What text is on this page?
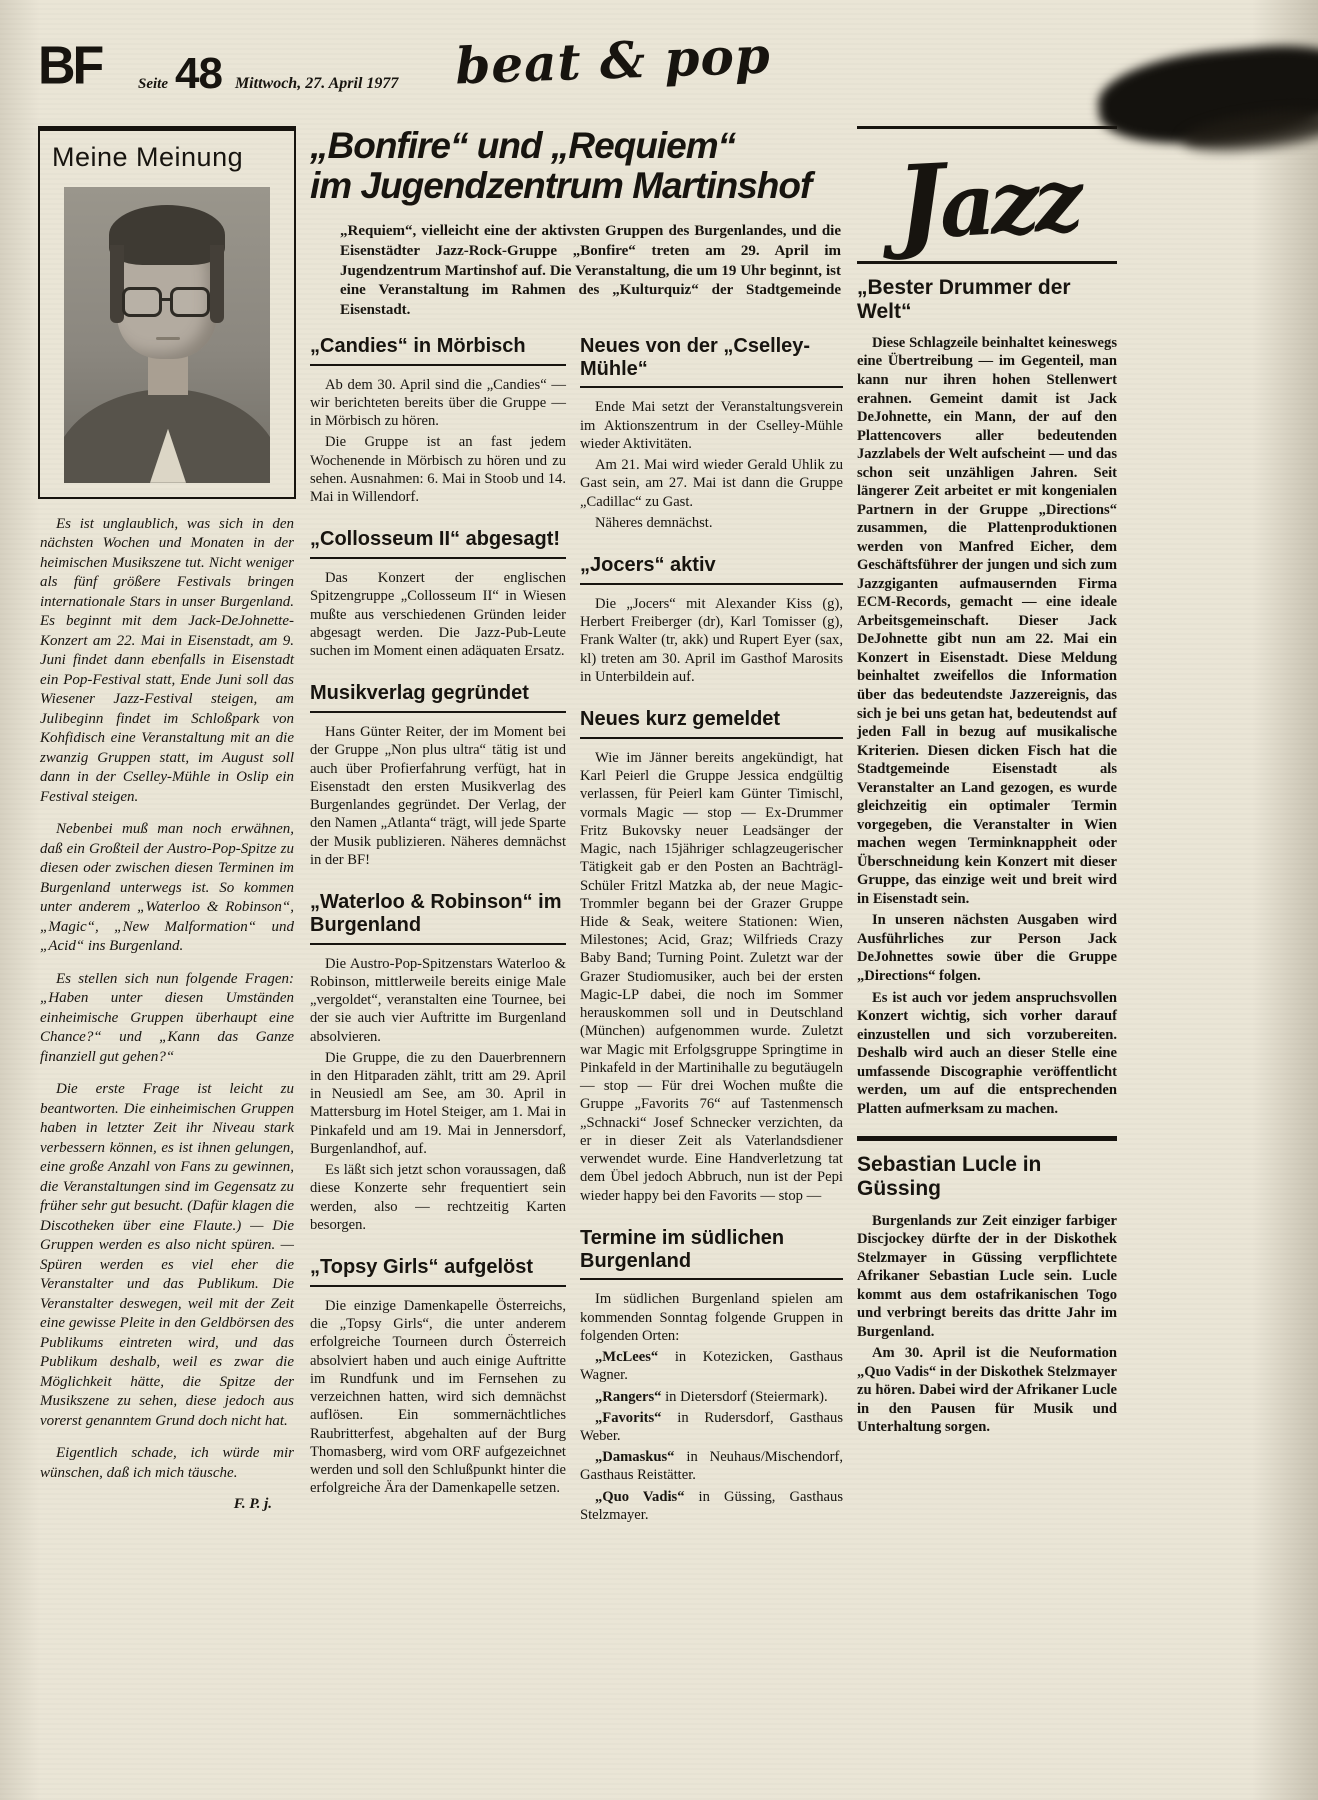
BF Seite 48 Mittwoch, 27. April 1977 beat & pop
Meine Meinung

Es ist unglaublich, was sich in den nächsten Wochen und Monaten in der heimischen Musikszene tut. Nicht weniger als fünf größere Festivals bringen internationale Stars in unser Burgenland. Es beginnt mit dem Jack-DeJohnette-Konzert am 22. Mai in Eisenstadt, am 9. Juni findet dann ebenfalls in Eisenstadt ein Pop-Festival statt, Ende Juni soll das Wiesener Jazz-Festival steigen, am Julibeginn findet im Schloßpark von Kohfidisch eine Veranstaltung mit an die zwanzig Gruppen statt, im August soll dann in der Cselley-Mühle in Oslip ein Festival steigen.

Nebenbei muß man noch erwähnen, daß ein Großteil der Austro-Pop-Spitze zu diesen oder zwischen diesen Terminen im Burgenland unterwegs ist. So kommen unter anderem „Waterloo & Robinson“, „Magic“, „New Malformation“ und „Acid“ ins Burgenland.

Es stellen sich nun folgende Fragen: „Haben unter diesen Umständen einheimische Gruppen überhaupt eine Chance?“ und „Kann das Ganze finanziell gut gehen?“

Die erste Frage ist leicht zu beantworten. Die einheimischen Gruppen haben in letzter Zeit ihr Niveau stark verbessern können, es ist ihnen gelungen, eine große Anzahl von Fans zu gewinnen, die Veranstaltungen sind im Gegensatz zu früher sehr gut besucht. (Dafür klagen die Discotheken über eine Flaute.) — Die Gruppen werden es also nicht spüren. — Spüren werden es viel eher die Veranstalter und das Publikum. Die Veranstalter deswegen, weil mit der Zeit eine gewisse Pleite in den Geldbörsen des Publikums eintreten wird, und das Publikum deshalb, weil es zwar die Möglichkeit hätte, die Spitze der Musikszene zu sehen, diese jedoch aus vorerst genanntem Grund doch nicht hat.

Eigentlich schade, ich würde mir wünschen, daß ich mich täusche.

F. P. j.

„Bonfire“ und „Requiem“
im Jugendzentrum Martinshof

„Requiem“, vielleicht eine der aktivsten Gruppen des Burgenlandes, und die Eisenstädter Jazz-Rock-Gruppe „Bonfire“ treten am 29. April im Jugendzentrum Martinshof auf. Die Veranstaltung, die um 19 Uhr beginnt, ist eine Veranstaltung im Rahmen des „Kulturquiz“ der Stadtgemeinde Eisenstadt.

„Candies“ in Mörbisch

Ab dem 30. April sind die „Candies“ — wir berichteten bereits über die Gruppe — in Mörbisch zu hören.

Die Gruppe ist an fast jedem Wochenende in Mörbisch zu hören und zu sehen. Ausnahmen: 6. Mai in Stoob und 14. Mai in Willendorf.

„Collosseum II“ abgesagt!

Das Konzert der englischen Spitzengruppe „Collosseum II“ in Wiesen mußte aus verschiedenen Gründen leider abgesagt werden. Die Jazz-Pub-Leute suchen im Moment einen adäquaten Ersatz.

Musikverlag gegründet

Hans Günter Reiter, der im Moment bei der Gruppe „Non plus ultra“ tätig ist und auch über Profierfahrung verfügt, hat in Eisenstadt den ersten Musikverlag des Burgenlandes gegründet. Der Verlag, der den Namen „Atlanta“ trägt, will jede Sparte der Musik publizieren. Näheres demnächst in der BF!

„Waterloo & Robinson“ im Burgenland

Die Austro-Pop-Spitzenstars Waterloo & Robinson, mittlerweile bereits einige Male „vergoldet“, veranstalten eine Tournee, bei der sie auch vier Auftritte im Burgenland absolvieren.

Die Gruppe, die zu den Dauerbrennern in den Hitparaden zählt, tritt am 29. April in Neusiedl am See, am 30. April in Mattersburg im Hotel Steiger, am 1. Mai in Pinkafeld und am 19. Mai in Jennersdorf, Burgenlandhof, auf.

Es läßt sich jetzt schon voraussagen, daß diese Konzerte sehr frequentiert sein werden, also — rechtzeitig Karten besorgen.

„Topsy Girls“ aufgelöst

Die einzige Damenkapelle Österreichs, die „Topsy Girls“, die unter anderem erfolgreiche Tourneen durch Österreich absolviert haben und auch einige Auftritte im Rundfunk und im Fernsehen zu verzeichnen hatten, wird sich demnächst auflösen. Ein sommernächtliches Raubritterfest, abgehalten auf der Burg Thomasberg, wird vom ORF aufgezeichnet werden und soll den Schlußpunkt hinter die erfolgreiche Ära der Damenkapelle setzen.

Neues von der „Cselley-Mühle“

Ende Mai setzt der Veranstaltungsverein im Aktionszentrum in der Cselley-Mühle wieder Aktivitäten.

Am 21. Mai wird wieder Gerald Uhlik zu Gast sein, am 27. Mai ist dann die Gruppe „Cadillac“ zu Gast.

Näheres demnächst.

„Jocers“ aktiv

Die „Jocers“ mit Alexander Kiss (g), Herbert Freiberger (dr), Karl Tomisser (g), Frank Walter (tr, akk) und Rupert Eyer (sax, kl) treten am 30. April im Gasthof Marosits in Unterbildein auf.

Neues kurz gemeldet

Wie im Jänner bereits angekündigt, hat Karl Peierl die Gruppe Jessica endgültig verlassen, für Peierl kam Günter Timischl, vormals Magic — stop — Ex-Drummer Fritz Bukovsky neuer Leadsänger der Magic, nach 15jähriger schlagzeugerischer Tätigkeit gab er den Posten an Bachträgl-Schüler Fritzl Matzka ab, der neue Magic-Trommler begann bei der Grazer Gruppe Hide & Seak, weitere Stationen: Wien, Milestones; Acid, Graz; Wilfrieds Crazy Baby Band; Turning Point. Zuletzt war der Grazer Studiomusiker, auch bei der ersten Magic-LP dabei, die noch im Sommer herauskommen soll und in Deutschland (München) aufgenommen wurde. Zuletzt war Magic mit Erfolgsgruppe Springtime in Pinkafeld in der Martinihalle zu begutäugeln — stop — Für drei Wochen mußte die Gruppe „Favorits 76“ auf Tastenmensch „Schnacki“ Josef Schnecker verzichten, da er in dieser Zeit als Vaterlandsdiener verwendet wurde. Eine Handverletzung tat dem Übel jedoch Abbruch, nun ist der Pepi wieder happy bei den Favorits — stop —

Termine im südlichen Burgenland

Im südlichen Burgenland spielen am kommenden Sonntag folgende Gruppen in folgenden Orten:

„McLees“ in Kotezicken, Gasthaus Wagner.

„Rangers“ in Dietersdorf (Steiermark).

„Favorits“ in Rudersdorf, Gasthaus Weber.

„Damaskus“ in Neuhaus/Mischendorf, Gasthaus Reistätter.

„Quo Vadis“ in Güssing, Gasthaus Stelzmayer.

Jazz
„Bester Drummer der Welt“

Diese Schlagzeile beinhaltet keineswegs eine Übertreibung — im Gegenteil, man kann nur ihren hohen Stellenwert erahnen. Gemeint damit ist Jack DeJohnette, ein Mann, der auf den Plattencovers aller bedeutenden Jazzlabels der Welt aufscheint — und das schon seit unzähligen Jahren. Seit längerer Zeit arbeitet er mit kongenialen Partnern in der Gruppe „Directions“ zusammen, die Plattenproduktionen werden von Manfred Eicher, dem Geschäftsführer der jungen und sich zum Jazzgiganten aufmausernden Firma ECM-Records, gemacht — eine ideale Arbeitsgemeinschaft. Dieser Jack DeJohnette gibt nun am 22. Mai ein Konzert in Eisenstadt. Diese Meldung beinhaltet zweifellos die Information über das bedeutendste Jazzereignis, das sich je bei uns getan hat, bedeutendst auf jeden Fall in bezug auf musikalische Kriterien. Diesen dicken Fisch hat die Stadtgemeinde Eisenstadt als Veranstalter an Land gezogen, es wurde gleichzeitig ein optimaler Termin vorgegeben, die Veranstalter in Wien machen wegen Terminknappheit oder Überschneidung kein Konzert mit dieser Gruppe, das einzige weit und breit wird in Eisenstadt sein.

In unseren nächsten Ausgaben wird Ausführliches zur Person Jack DeJohnettes sowie über die Gruppe „Directions“ folgen.

Es ist auch vor jedem anspruchsvollen Konzert wichtig, sich vorher darauf einzustellen und sich vorzubereiten. Deshalb wird auch an dieser Stelle eine umfassende Discographie veröffentlicht werden, um auf die entsprechenden Platten aufmerksam zu machen.

Sebastian Lucle in Güssing

Burgenlands zur Zeit einziger farbiger Discjockey dürfte der in der Diskothek Stelzmayer in Güssing verpflichtete Afrikaner Sebastian Lucle sein. Lucle kommt aus dem ostafrikanischen Togo und verbringt bereits das dritte Jahr im Burgenland.

Am 30. April ist die Neuformation „Quo Vadis“ in der Diskothek Stelzmayer zu hören. Dabei wird der Afrikaner Lucle in den Pausen für Musik und Unterhaltung sorgen.
